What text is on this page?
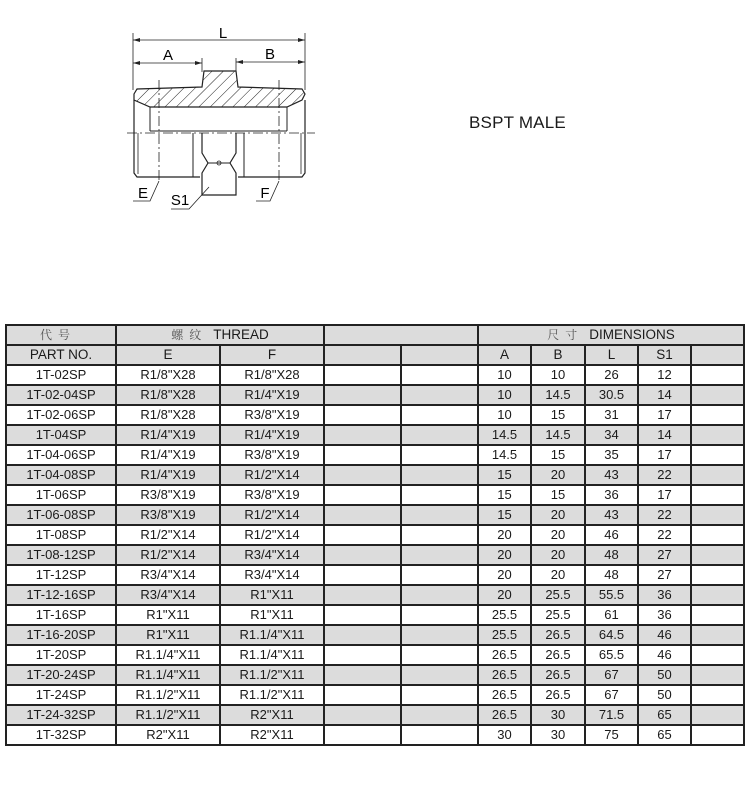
L
A	B
E S1	F
BSPT MALE
代号	螺纹 THREAD				尺寸 DIMENSIONS				
PART NO.	E	F			A	B	L	S1	
1T-02SP	R1/8"X28	R1/8"X28			10	10	26	12	
1T-02-04SP	R1/8"X28	R1/4"X19			10	14.5	30.5	14	
1T-02-06SP	R1/8"X28	R3/8"X19			10	15	31	17	
1T-04SP	R1/4"X19	R1/4"X19			14.5	14.5	34	14	
1T-04-06SP	R1/4"X19	R3/8"X19			14.5	15	35	17	
1T-04-08SP	R1/4"X19	R1/2"X14			15	20	43	22	
1T-06SP	R3/8"X19	R3/8"X19			15	15	36	17	
1T-06-08SP	R3/8"X19	R1/2"X14			15	20	43	22	
1T-08SP	R1/2"X14	R1/2"X14			20	20	46	22	
1T-08-12SP	R1/2"X14	R3/4"X14			20	20	48	27	
1T-12SP	R3/4"X14	R3/4"X14			20	20	48	27	
1T-12-16SP	R3/4"X14	R1"X11			20	25.5	55.5	36	
1T-16SP	R1"X11	R1"X11			25.5	25.5	61	36	
1T-16-20SP	R1"X11	R1.1/4"X11			25.5	26.5	64.5	46	
1T-20SP	R1.1/4"X11	R1.1/4"X11			26.5	26.5	65.5	46	
1T-20-24SP	R1.1/4"X11	R1.1/2"X11			26.5	26.5	67	50	
1T-24SP	R1.1/2"X11	R1.1/2"X11			26.5	26.5	67	50	
1T-24-32SP	R1.1/2"X11	R2"X11			26.5	30	71.5	65	
1T-32SP	R2"X11	R2"X11			30	30	75	65	
